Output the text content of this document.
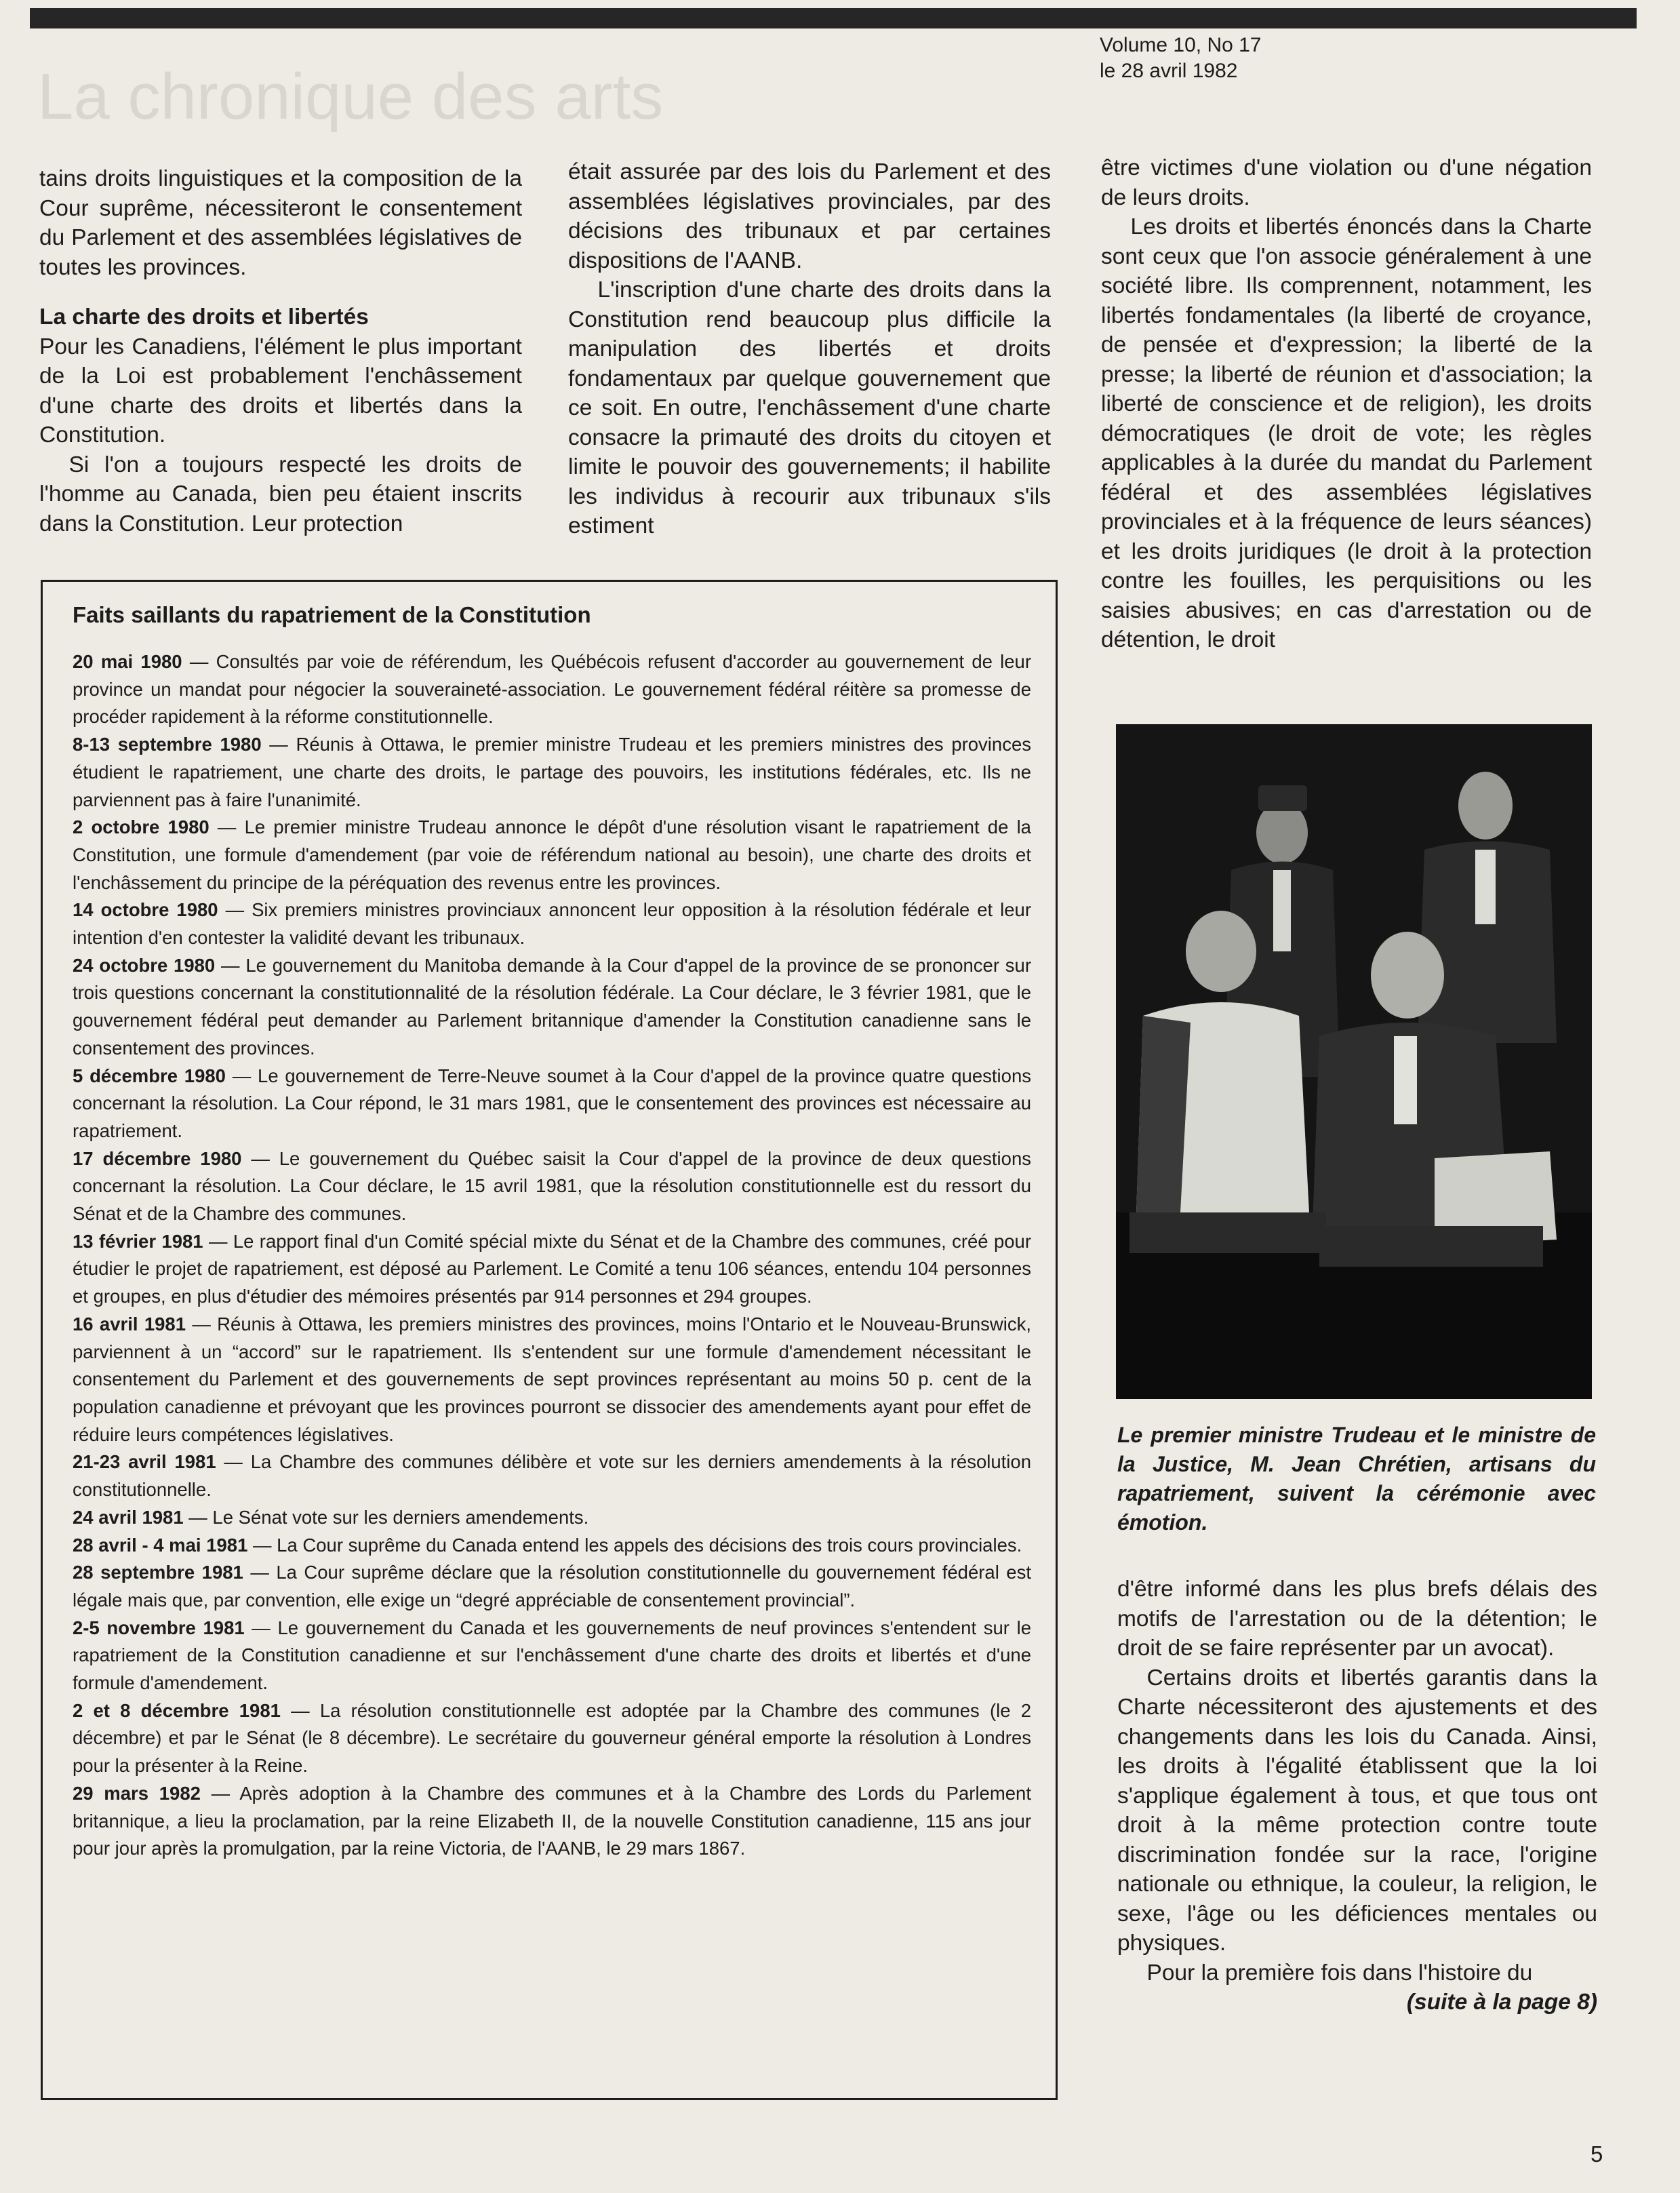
La chronique des arts
Volume 10, No 17
le 28 avril 1982

tains droits linguistiques et la composition de la Cour suprême, nécessiteront le consentement du Parlement et des assemblées législatives de toutes les provinces.

La charte des droits et libertés

Pour les Canadiens, l'élément le plus important de la Loi est probablement l'enchâssement d'une charte des droits et libertés dans la Constitution.

Si l'on a toujours respecté les droits de l'homme au Canada, bien peu étaient inscrits dans la Constitution. Leur protection

était assurée par des lois du Parlement et des assemblées législatives provinciales, par des décisions des tribunaux et par certaines dispositions de l'AANB.

L'inscription d'une charte des droits dans la Constitution rend beaucoup plus difficile la manipulation des libertés et droits fondamentaux par quelque gouvernement que ce soit. En outre, l'enchâssement d'une charte consacre la primauté des droits du citoyen et limite le pouvoir des gouvernements; il habilite les individus à recourir aux tribunaux s'ils estiment

être victimes d'une violation ou d'une négation de leurs droits.

Les droits et libertés énoncés dans la Charte sont ceux que l'on associe généralement à une société libre. Ils comprennent, notamment, les libertés fondamentales (la liberté de croyance, de pensée et d'expression; la liberté de la presse; la liberté de réunion et d'association; la liberté de conscience et de religion), les droits démocratiques (le droit de vote; les règles applicables à la durée du mandat du Parlement fédéral et des assemblées législatives provinciales et à la fréquence de leurs séances) et les droits juridiques (le droit à la protection contre les fouilles, les perquisitions ou les saisies abusives; en cas d'arrestation ou de détention, le droit

Faits saillants du rapatriement de la Constitution

20 mai 1980 — Consultés par voie de référendum, les Québécois refusent d'accorder au gouvernement de leur province un mandat pour négocier la souveraineté-association. Le gouvernement fédéral réitère sa promesse de procéder rapidement à la réforme constitutionnelle.

8-13 septembre 1980 — Réunis à Ottawa, le premier ministre Trudeau et les premiers ministres des provinces étudient le rapatriement, une charte des droits, le partage des pouvoirs, les institutions fédérales, etc. Ils ne parviennent pas à faire l'unanimité.

2 octobre 1980 — Le premier ministre Trudeau annonce le dépôt d'une résolution visant le rapatriement de la Constitution, une formule d'amendement (par voie de référendum national au besoin), une charte des droits et l'enchâssement du principe de la péréquation des revenus entre les provinces.

14 octobre 1980 — Six premiers ministres provinciaux annoncent leur opposition à la résolution fédérale et leur intention d'en contester la validité devant les tribunaux.

24 octobre 1980 — Le gouvernement du Manitoba demande à la Cour d'appel de la province de se prononcer sur trois questions concernant la constitutionnalité de la résolution fédérale. La Cour déclare, le 3 février 1981, que le gouvernement fédéral peut demander au Parlement britannique d'amender la Constitution canadienne sans le consentement des provinces.

5 décembre 1980 — Le gouvernement de Terre-Neuve soumet à la Cour d'appel de la province quatre questions concernant la résolution. La Cour répond, le 31 mars 1981, que le consentement des provinces est nécessaire au rapatriement.

17 décembre 1980 — Le gouvernement du Québec saisit la Cour d'appel de la province de deux questions concernant la résolution. La Cour déclare, le 15 avril 1981, que la résolution constitutionnelle est du ressort du Sénat et de la Chambre des communes.

13 février 1981 — Le rapport final d'un Comité spécial mixte du Sénat et de la Chambre des communes, créé pour étudier le projet de rapatriement, est déposé au Parlement. Le Comité a tenu 106 séances, entendu 104 personnes et groupes, en plus d'étudier des mémoires présentés par 914 personnes et 294 groupes.

16 avril 1981 — Réunis à Ottawa, les premiers ministres des provinces, moins l'Ontario et le Nouveau-Brunswick, parviennent à un “accord” sur le rapatriement. Ils s'entendent sur une formule d'amendement nécessitant le consentement du Parlement et des gouvernements de sept provinces représentant au moins 50 p. cent de la population canadienne et prévoyant que les provinces pourront se dissocier des amendements ayant pour effet de réduire leurs compétences législatives.

21-23 avril 1981 — La Chambre des communes délibère et vote sur les derniers amendements à la résolution constitutionnelle.

24 avril 1981 — Le Sénat vote sur les derniers amendements.

28 avril - 4 mai 1981 — La Cour suprême du Canada entend les appels des décisions des trois cours provinciales.

28 septembre 1981 — La Cour suprême déclare que la résolution constitutionnelle du gouvernement fédéral est légale mais que, par convention, elle exige un “degré appréciable de consentement provincial”.

2-5 novembre 1981 — Le gouvernement du Canada et les gouvernements de neuf provinces s'entendent sur le rapatriement de la Constitution canadienne et sur l'enchâssement d'une charte des droits et libertés et d'une formule d'amendement.

2 et 8 décembre 1981 — La résolution constitutionnelle est adoptée par la Chambre des communes (le 2 décembre) et par le Sénat (le 8 décembre). Le secrétaire du gouverneur général emporte la résolution à Londres pour la présenter à la Reine.

29 mars 1982 — Après adoption à la Chambre des communes et à la Chambre des Lords du Parlement britannique, a lieu la proclamation, par la reine Elizabeth II, de la nouvelle Constitution canadienne, 115 ans jour pour jour après la promulgation, par la reine Victoria, de l'AANB, le 29 mars 1867.

Le premier ministre Trudeau et le ministre de la Justice, M. Jean Chrétien, artisans du rapatriement, suivent la cérémonie avec émotion.

d'être informé dans les plus brefs délais des motifs de l'arrestation ou de la détention; le droit de se faire représenter par un avocat).

Certains droits et libertés garantis dans la Charte nécessiteront des ajustements et des changements dans les lois du Canada. Ainsi, les droits à l'égalité établissent que la loi s'applique également à tous, et que tous ont droit à la même protection contre toute discrimination fondée sur la race, l'origine nationale ou ethnique, la couleur, la religion, le sexe, l'âge ou les déficiences mentales ou physiques.

Pour la première fois dans l'histoire du

(suite à la page 8)

5
